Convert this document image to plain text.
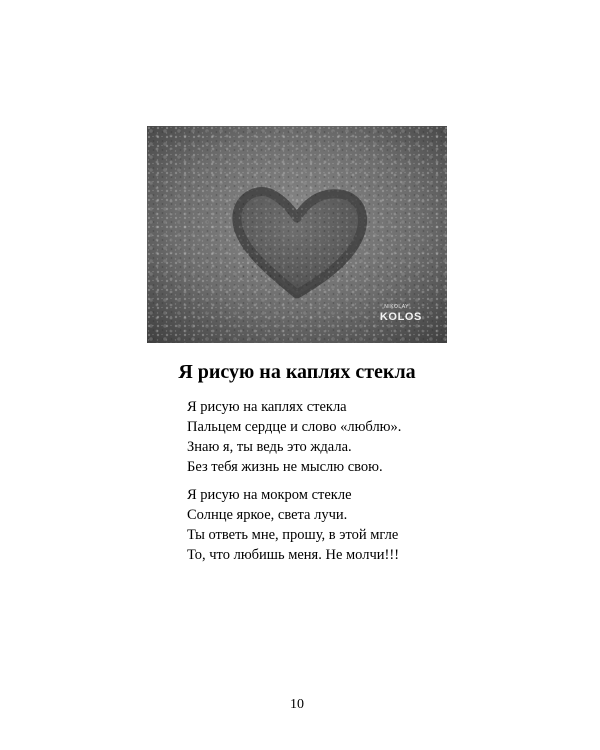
NIKOLAY
KOLOS
Я рисую на каплях стекла
Я рисую на каплях стекла
Пальцем сердце и слово «люблю».
Знаю я, ты ведь это ждала.
Без тебя жизнь не мыслю свою.
Я рисую на мокром стекле
Солнце яркое, света лучи.
Ты ответь мне, прошу, в этой мгле
То, что любишь меня. Не молчи!!!
10
